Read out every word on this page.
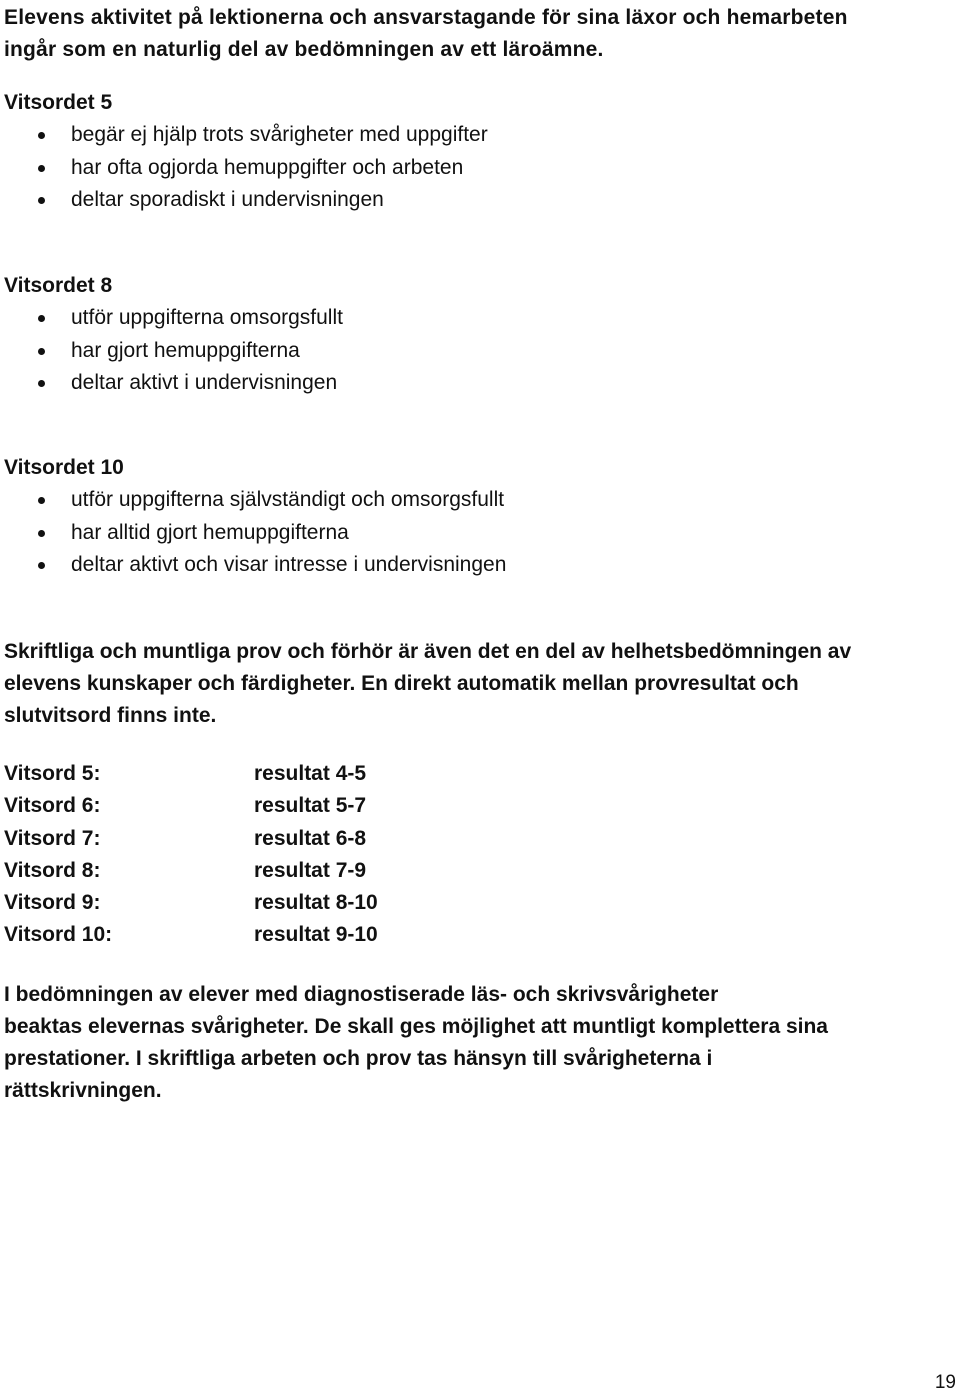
Elevens aktivitet på lektionerna och ansvarstagande för sina läxor och hemarbeten
ingår som en naturlig del av bedömningen av ett läroämne.
Vitsordet 5
begär ej hjälp trots svårigheter med uppgifter
har ofta ogjorda hemuppgifter och arbeten
deltar sporadiskt i undervisningen
Vitsordet 8
utför uppgifterna omsorgsfullt
har gjort hemuppgifterna
deltar aktivt i undervisningen
Vitsordet 10
utför uppgifterna självständigt och omsorgsfullt
har alltid gjort hemuppgifterna
deltar aktivt och visar intresse i undervisningen
Skriftliga och muntliga prov och förhör är även det en del av helhetsbedömningen av
elevens kunskaper och färdigheter. En direkt automatik mellan provresultat och
slutvitsord finns inte.
Vitsord 5:	resultat 4-5
Vitsord 6:	resultat 5-7
Vitsord 7:	resultat 6-8
Vitsord 8:	resultat 7-9
Vitsord 9:	resultat 8-10
Vitsord 10:	resultat 9-10
I bedömningen av elever med diagnostiserade läs- och skrivsvårigheter
beaktas elevernas svårigheter. De skall ges möjlighet att muntligt komplettera sina
prestationer. I skriftliga arbeten och prov tas hänsyn till svårigheterna i
rättskrivningen.
19
